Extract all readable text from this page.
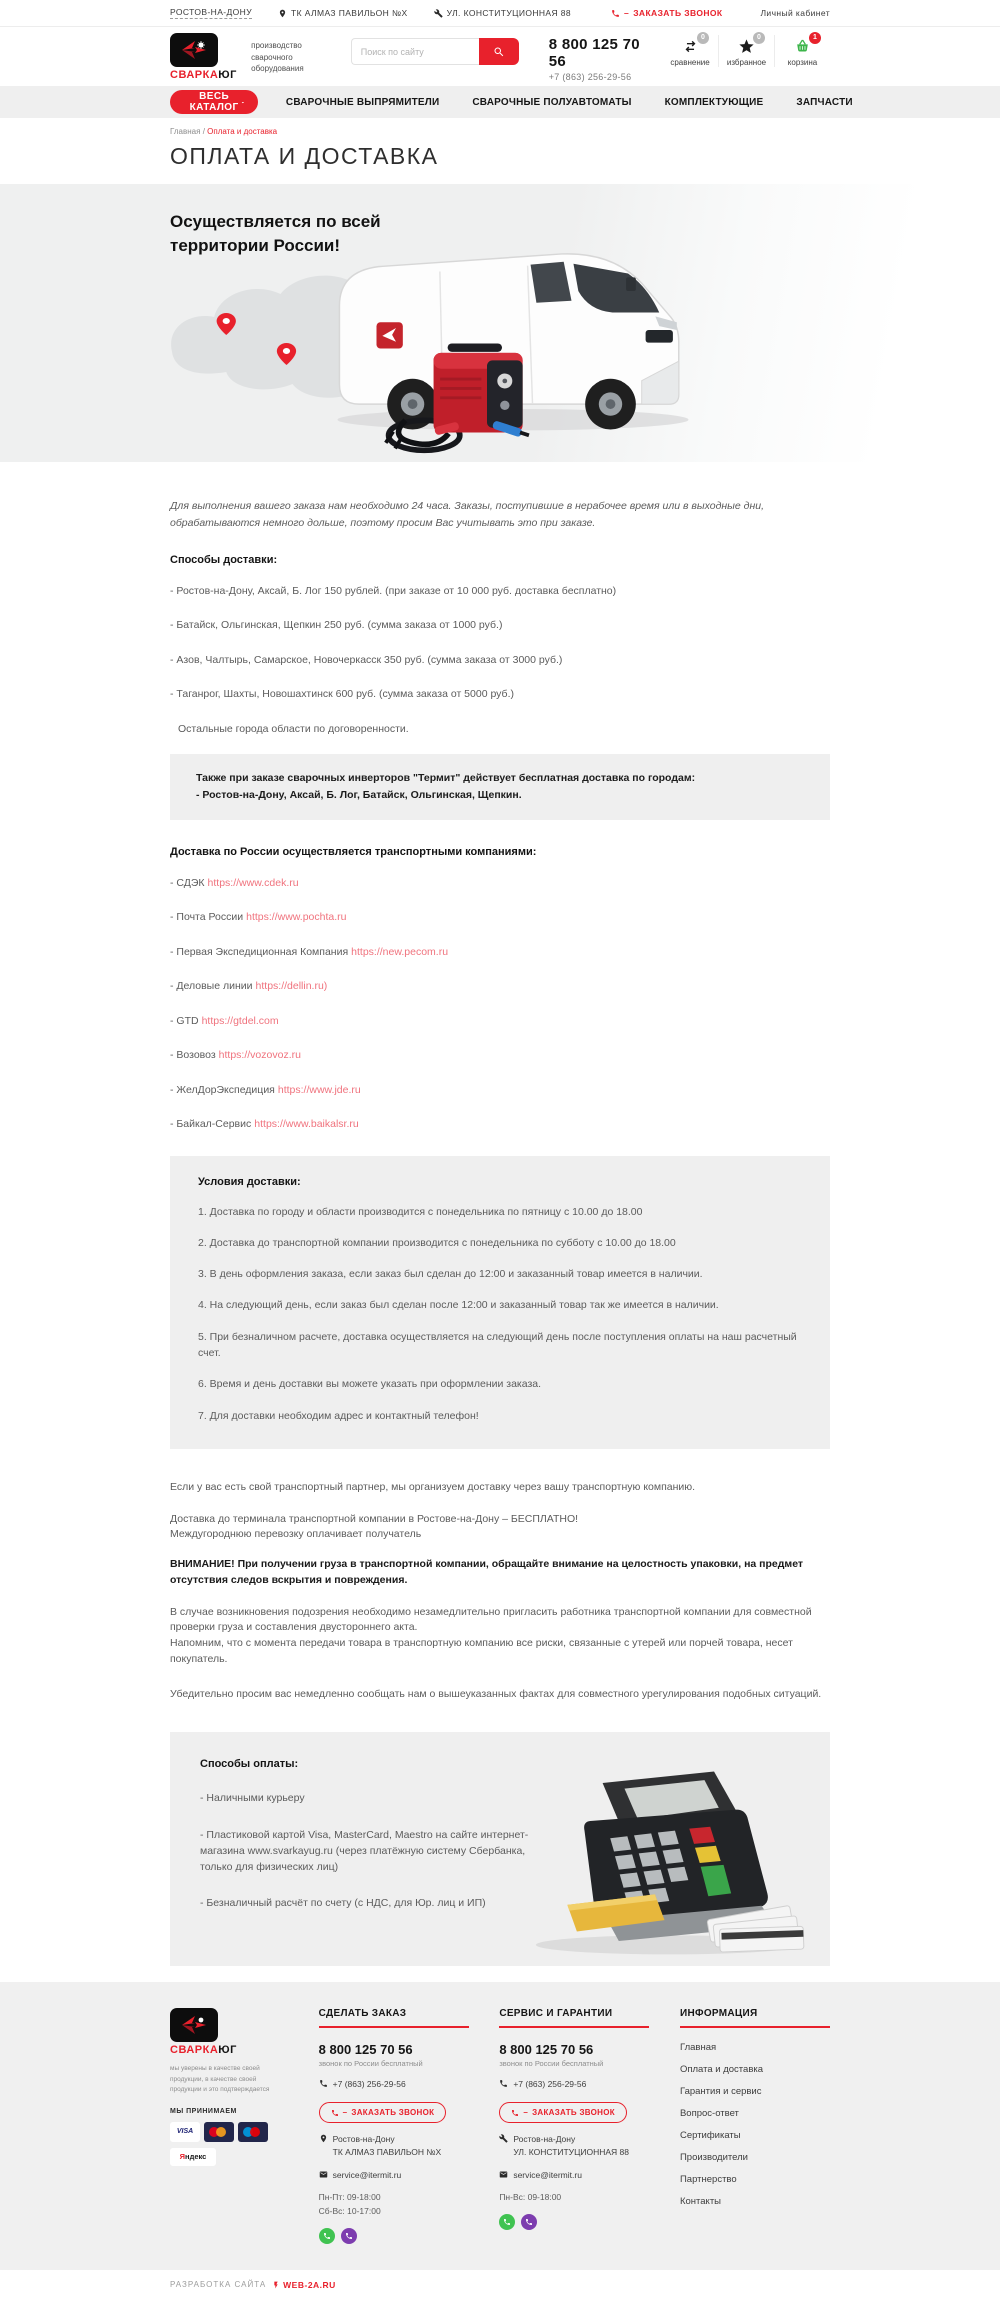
РОСТОВ-НА-ДОНУ	ТК АЛМАЗ ПАВИЛЬОН №X	УЛ. КОНСТИТУЦИОННАЯ 88	– ЗАКАЗАТЬ ЗВОНОК	Личный кабинет
СВАРКАЮГ
производство сварочного оборудования
Поиск по сайту
8 800 125 70 56
+7 (863) 256-29-56
0
сравнение
0
избранное
1
корзина
ВЕСЬ КАТАЛОГ	СВАРОЧНЫЕ ВЫПРЯМИТЕЛИ	СВАРОЧНЫЕ ПОЛУАВТОМАТЫ	КОМПЛЕКТУЮЩИЕ	ЗАПЧАСТИ
Главная / Оплата и доставка
ОПЛАТА И ДОСТАВКА
Осуществляется по всей
территории России!

Для выполнения вашего заказа нам необходимо 24 часа. Заказы, поступившие в нерабочее время или в выходные дни, обрабатываются немного дольше, поэтому просим Вас учитывать это при заказе.

Способы доставки:
- Ростов-на-Дону, Аксай, Б. Лог 150 рублей. (при заказе от 10 000 руб. доставка бесплатно)
- Батайск, Ольгинская, Щепкин 250 руб. (сумма заказа от 1000 руб.)
- Азов, Чалтырь, Самарское, Новочеркасск 350 руб. (сумма заказа от 3000 руб.)
- Таганрог, Шахты, Новошахтинск 600 руб. (сумма заказа от 5000 руб.)
Остальные города области по договоренности.
Также при заказе сварочных инверторов "Термит" действует бесплатная доставка по городам:
- Ростов-на-Дону, Аксай, Б. Лог, Батайск, Ольгинская, Щепкин.
Доставка по России осуществляется транспортными компаниями:
- СДЭК https://www.cdek.ru
- Почта России https://www.pochta.ru
- Первая Экспедиционная Компания https://new.pecom.ru
- Деловые линии https://dellin.ru)
- GTD https://gtdel.com
- Возовоз https://vozovoz.ru
- ЖелДорЭкспедиция https://www.jde.ru
- Байкал-Сервис https://www.baikalsr.ru
Условия доставки:
1. Доставка по городу и области производится с понедельника по пятницу с 10.00 до 18.00
2. Доставка до транспортной компании производится с понедельника по субботу с 10.00 до 18.00
3. В день оформления заказа, если заказ был сделан до 12:00 и заказанный товар имеется в наличии.
4. На следующий день, если заказ был сделан после 12:00 и заказанный товар так же имеется в наличии.
5. При безналичном расчете, доставка осуществляется на следующий день после поступления оплаты на наш расчетный счет.
6. Время и день доставки вы можете указать при оформлении заказа.
7. Для доставки необходим адрес и контактный телефон!

Если у вас есть свой транспортный партнер, мы организуем доставку через вашу транспортную компанию.

Доставка до терминала транспортной компании в Ростове-на-Дону – БЕСПЛАТНО!
Междугороднюю перевозку оплачивает получатель

ВНИМАНИЕ! При получении груза в транспортной компании, обращайте внимание на целостность упаковки, на предмет отсутствия следов вскрытия и повреждения.

В случае возникновения подозрения необходимо незамедлительно пригласить работника транспортной компании для совместной проверки груза и составления двустороннего акта.
Напомним, что с момента передачи товара в транспортную компанию все риски, связанные с утерей или порчей товара, несет покупатель.

Убедительно просим вас немедленно сообщать нам о вышеуказанных фактах для совместного урегулирования подобных ситуаций.

Способы оплаты:
- Наличными курьеру
- Пластиковой картой Visa, MasterCard, Maestro на сайте интернет-магазина www.svarkayug.ru (через платёжную систему Сбербанка, только для физических лиц)
- Безналичный расчёт по счету (с НДС, для Юр. лиц и ИП)
СВАРКАЮГ
мы уверены в качестве своей продукции, в качестве своей продукции и это подтверждается
МЫ ПРИНИМАЕМ
VISA
Я ндекс
СДЕЛАТЬ ЗАКАЗ
8 800 125 70 56
звонок по России бесплатный
+7 (863) 256-29-56
– ЗАКАЗАТЬ ЗВОНОК
Ростов-на-Дону
ТК АЛМАЗ ПАВИЛЬОН №X
service@itermit.ru
Пн-Пт: 09-18:00
Сб-Вс: 10-17:00
СЕРВИС И ГАРАНТИИ
8 800 125 70 56
звонок по России бесплатный
+7 (863) 256-29-56
– ЗАКАЗАТЬ ЗВОНОК
Ростов-на-Дону
УЛ. КОНСТИТУЦИОННАЯ 88
service@itermit.ru
Пн-Вс: 09-18:00
ИНФОРМАЦИЯ
Главная
Оплата и доставка
Гарантия и сервис
Вопрос-ответ
Сертификаты
Производители
Партнерство
Контакты
РАЗРАБОТКА САЙТА WEB-2A.RU
